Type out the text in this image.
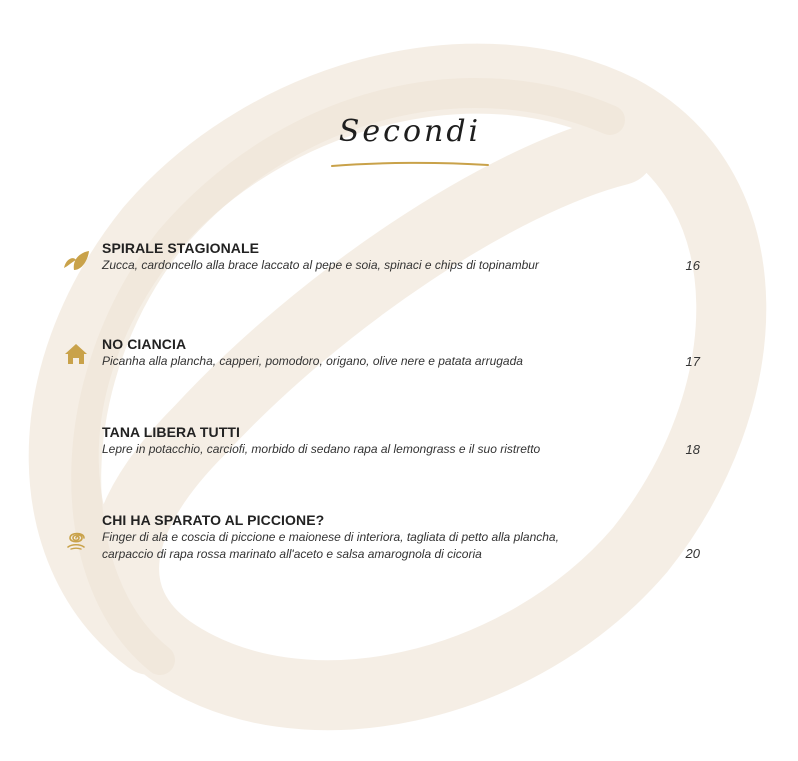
Secondi
SPIRALE STAGIONALE
Zucca, cardoncello alla brace laccato al pepe e soia, spinaci e chips di topinambur	16
NO CIANCIA
Picanha alla plancha, capperi, pomodoro, origano, olive nere e patata arrugada	17
TANA LIBERA TUTTI
Lepre in potacchio, carciofi, morbido di sedano rapa al lemongrass e il suo ristretto	18
CHI HA SPARATO AL PICCIONE?
Finger di ala e coscia di piccione e maionese di interiora, tagliata di petto alla plancha,
carpaccio di rapa rossa marinato all'aceto e salsa amarognola di cicoria	20
